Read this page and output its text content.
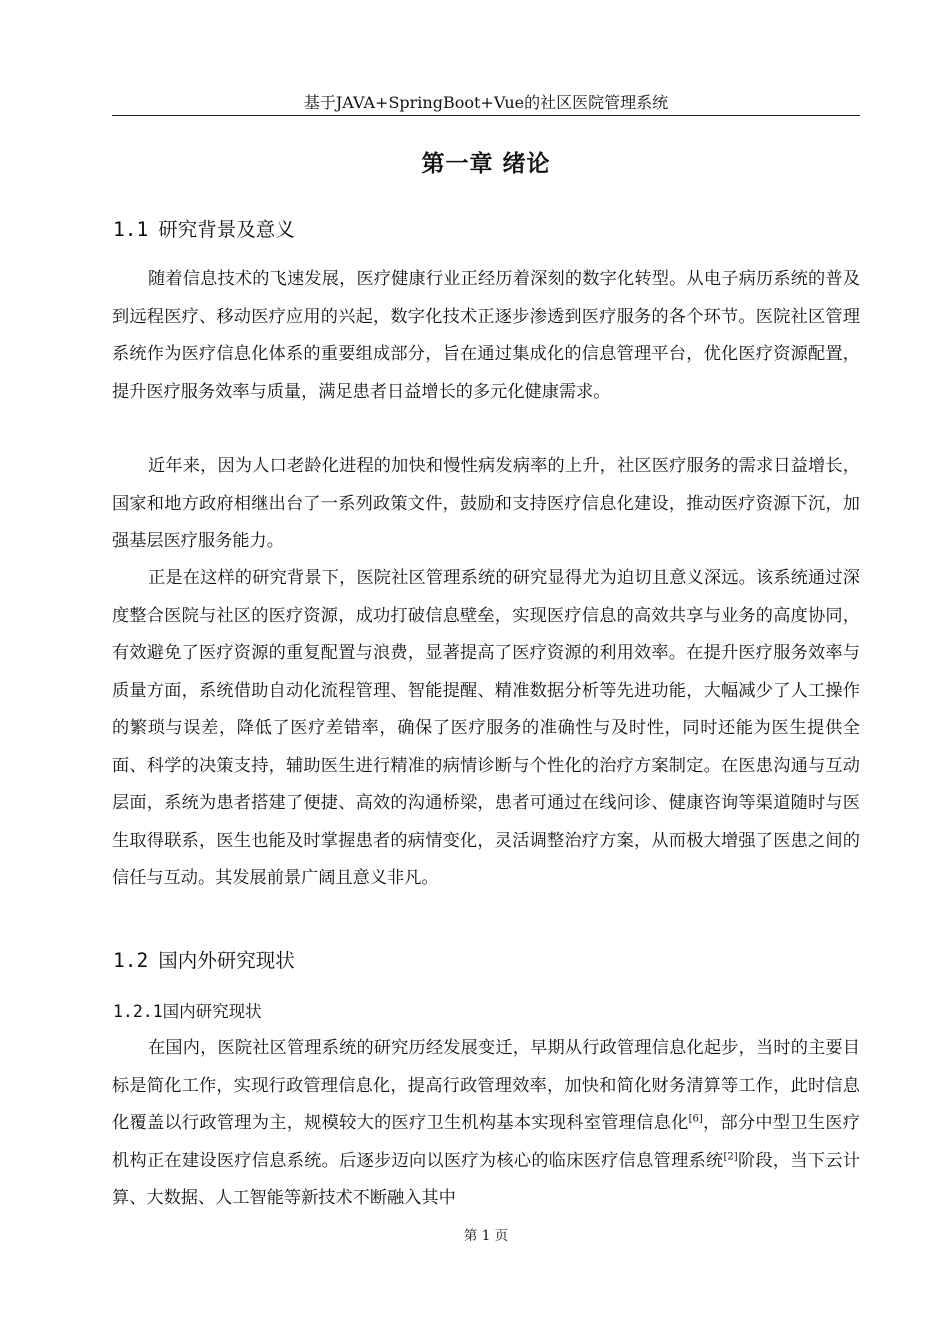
基于JAVA+SpringBoot+Vue的社区医院管理系统
第一章 绪论
1.1 研究背景及意义

随着信息技术的飞速发展，医疗健康行业正经历着深刻的数字化转型。从电子病历系统的普及到远程医疗、移动医疗应用的兴起，数字化技术正逐步渗透到医疗服务的各个环节。医院社区管理系统作为医疗信息化体系的重要组成部分，旨在通过集成化的信息管理平台，优化医疗资源配置，提升医疗服务效率与质量，满足患者日益增长的多元化健康需求。

近年来，因为人口老龄化进程的加快和慢性病发病率的上升，社区医疗服务的需求日益增长，国家和地方政府相继出台了一系列政策文件，鼓励和支持医疗信息化建设，推动医疗资源下沉，加强基层医疗服务能力。

正是在这样的研究背景下，医院社区管理系统的研究显得尤为迫切且意义深远。该系统通过深度整合医院与社区的医疗资源，成功打破信息壁垒，实现医疗信息的高效共享与业务的高度协同，有效避免了医疗资源的重复配置与浪费，显著提高了医疗资源的利用效率。在提升医疗服务效率与质量方面，系统借助自动化流程管理、智能提醒、精准数据分析等先进功能，大幅减少了人工操作的繁琐与误差，降低了医疗差错率，确保了医疗服务的准确性与及时性，同时还能为医生提供全面、科学的决策支持，辅助医生进行精准的病情诊断与个性化的治疗方案制定。在医患沟通与互动层面，系统为患者搭建了便捷、高效的沟通桥梁，患者可通过在线问诊、健康咨询等渠道随时与医生取得联系，医生也能及时掌握患者的病情变化，灵活调整治疗方案，从而极大增强了医患之间的信任与互动。其发展前景广阔且意义非凡。

1.2 国内外研究现状
1.2.1国内研究现状

在国内，医院社区管理系统的研究历经发展变迁，早期从行政管理信息化起步，当时的主要目标是简化工作，实现行政管理信息化，提高行政管理效率，加快和简化财务清算等工作，此时信息化覆盖以行政管理为主，规模较大的医疗卫生机构基本实现科室管理信息化[6]，部分中型卫生医疗机构正在建设医疗信息系统。后逐步迈向以医疗为核心的临床医疗信息管理系统[2]阶段，当下云计算、大数据、人工智能等新技术不断融入其中

第 1 页
